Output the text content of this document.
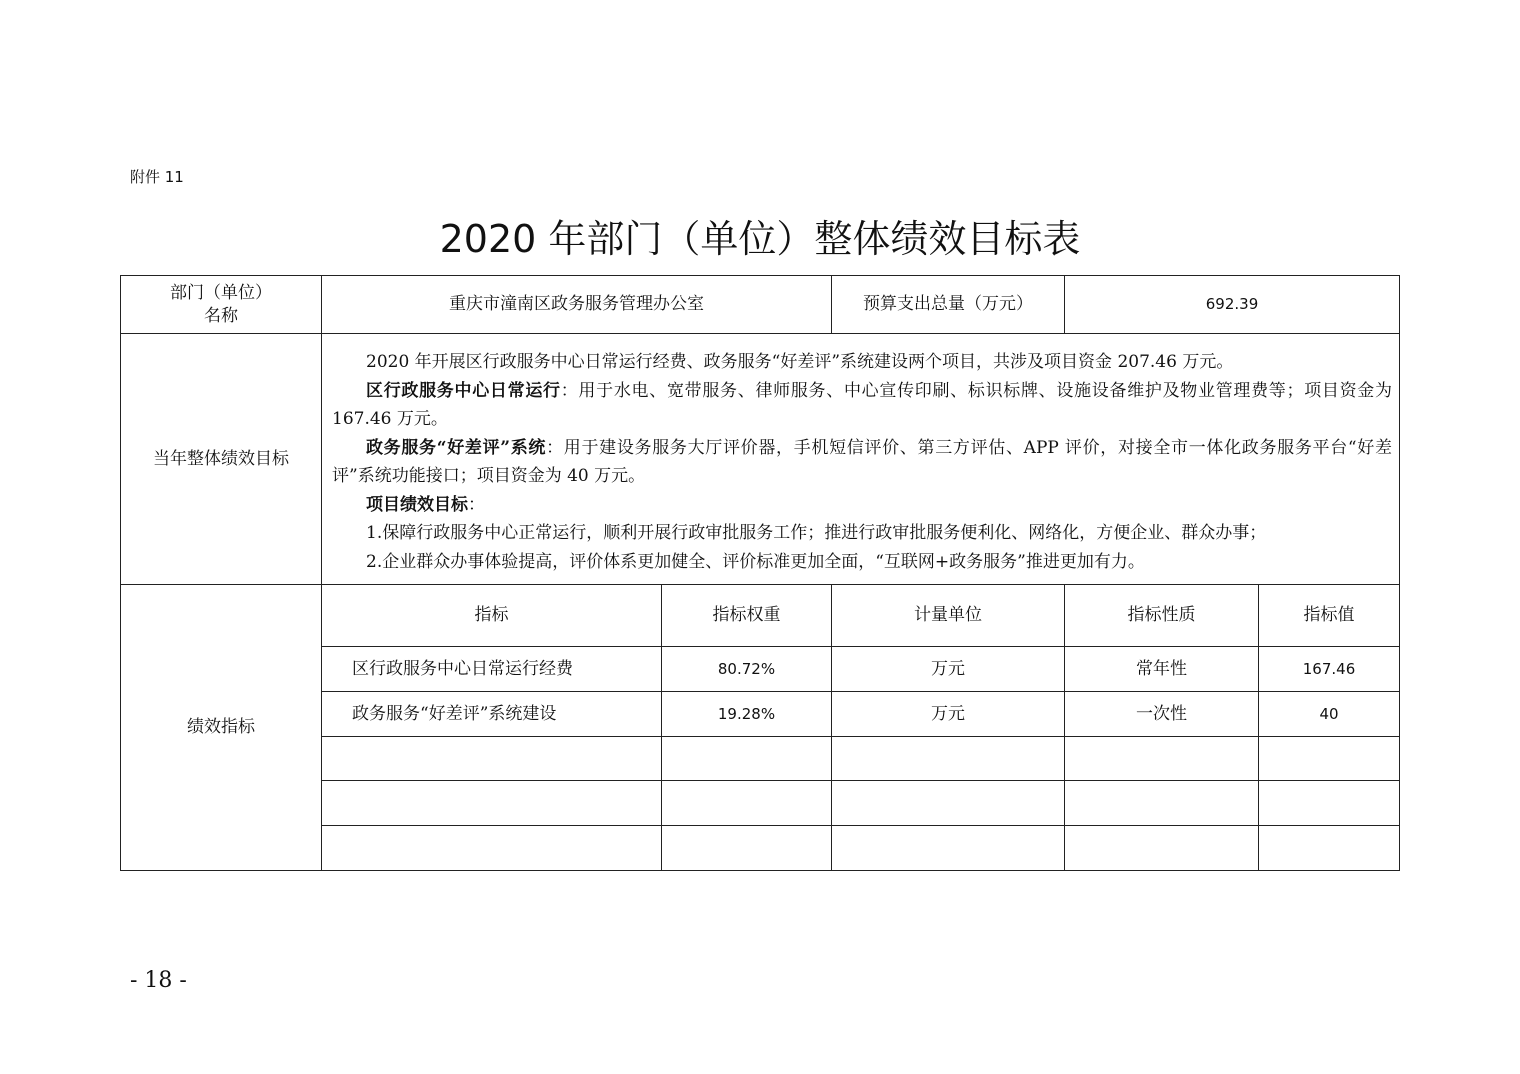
附件 11
2020 年部门（单位）整体绩效目标表
部门（单位）
名称
重庆市潼南区政务服务管理办公室	预算支出总量（万元）	692.39
当年整体绩效目标

2020 年开展区行政服务中心日常运行经费、政务服务“好差评”系统建设两个项目，共涉及项目资金 207.46 万元。

区行政服务中心日常运行：用于水电、宽带服务、律师服务、中心宣传印刷、标识标牌、设施设备维护及物业管理费等；项目资金为 167.46 万元。

政务服务“好差评”系统：用于建设务服务大厅评价器，手机短信评价、第三方评估、APP 评价，对接全市一体化政务服务平台“好差评”系统功能接口；项目资金为 40 万元。

项目绩效目标：

1.保障行政服务中心正常运行，顺利开展行政审批服务工作；推进行政审批服务便利化、网络化，方便企业、群众办事；

2.企业群众办事体验提高，评价体系更加健全、评价标准更加全面，“互联网+政务服务”推进更加有力。

绩效指标
指标	指标权重	计量单位	指标性质	指标值
区行政服务中心日常运行经费	80.72%	万元	常年性	167.46
政务服务“好差评”系统建设	19.28%	万元	一次性	40
- 18 -
